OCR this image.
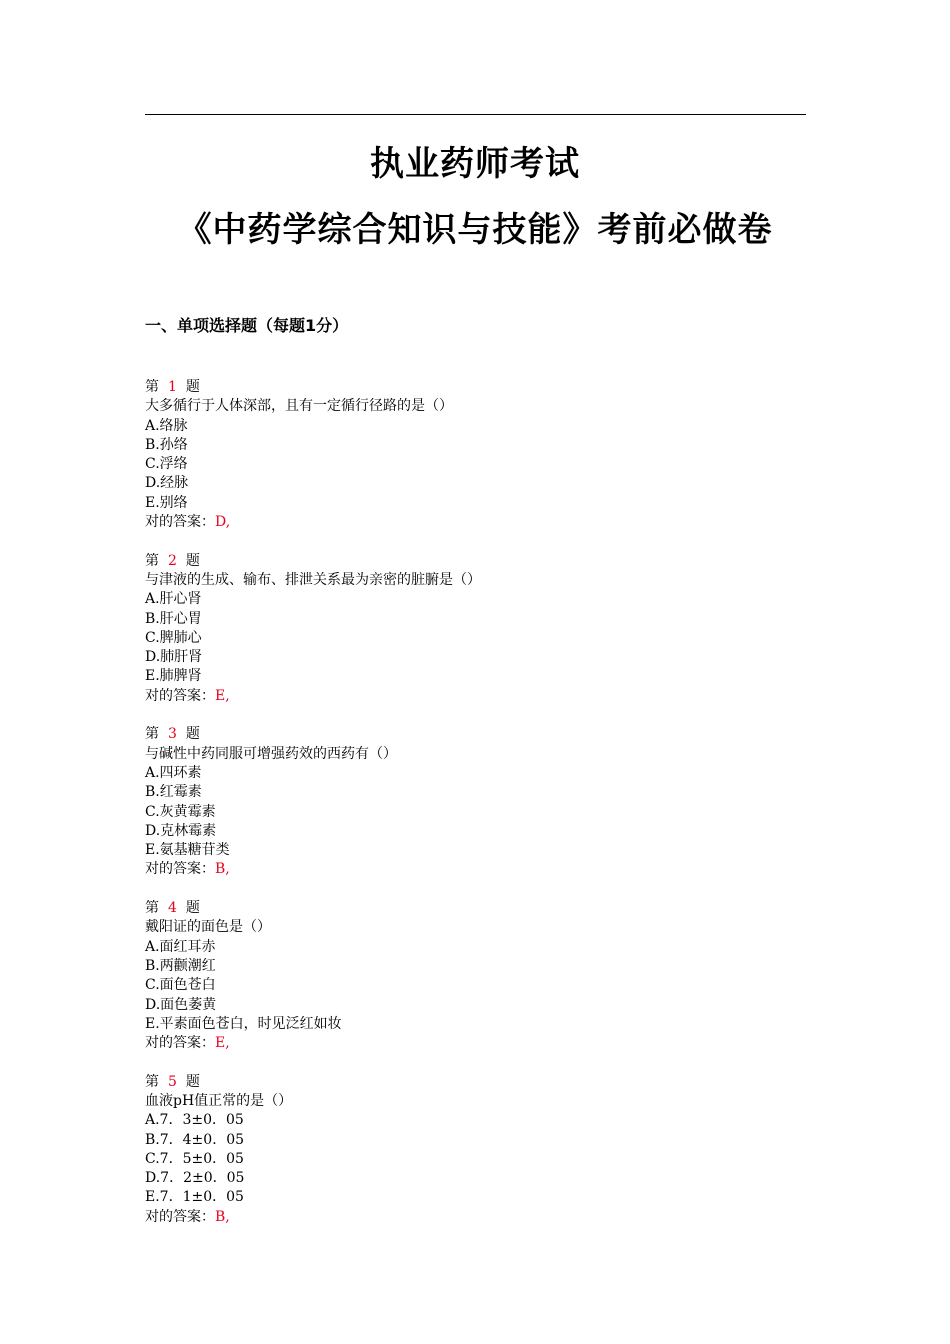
执业药师考试
《中药学综合知识与技能》考前必做卷
一、单项选择题（每题1分）
第 1 题
大多循行于人体深部，且有一定循行径路的是（）
A.络脉
B.孙络
C.浮络
D.经脉
E.别络
对的答案：D,
第 2 题
与津液的生成、输布、排泄关系最为亲密的脏腑是（）
A.肝心肾
B.肝心胃
C.脾肺心
D.肺肝肾
E.肺脾肾
对的答案：E,
第 3 题
与碱性中药同服可增强药效的西药有（）
A.四环素
B.红霉素
C.灰黄霉素
D.克林霉素
E.氨基糖苷类
对的答案：B,
第 4 题
戴阳证的面色是（）
A.面红耳赤
B.两颧潮红
C.面色苍白
D.面色萎黄
E.平素面色苍白，时见泛红如妆
对的答案：E,
第 5 题
血液pH值正常的是（）
A.7．3±0．05
B.7．4±0．05
C.7．5±0．05
D.7．2±0．05
E.7．1±0．05
对的答案：B,
